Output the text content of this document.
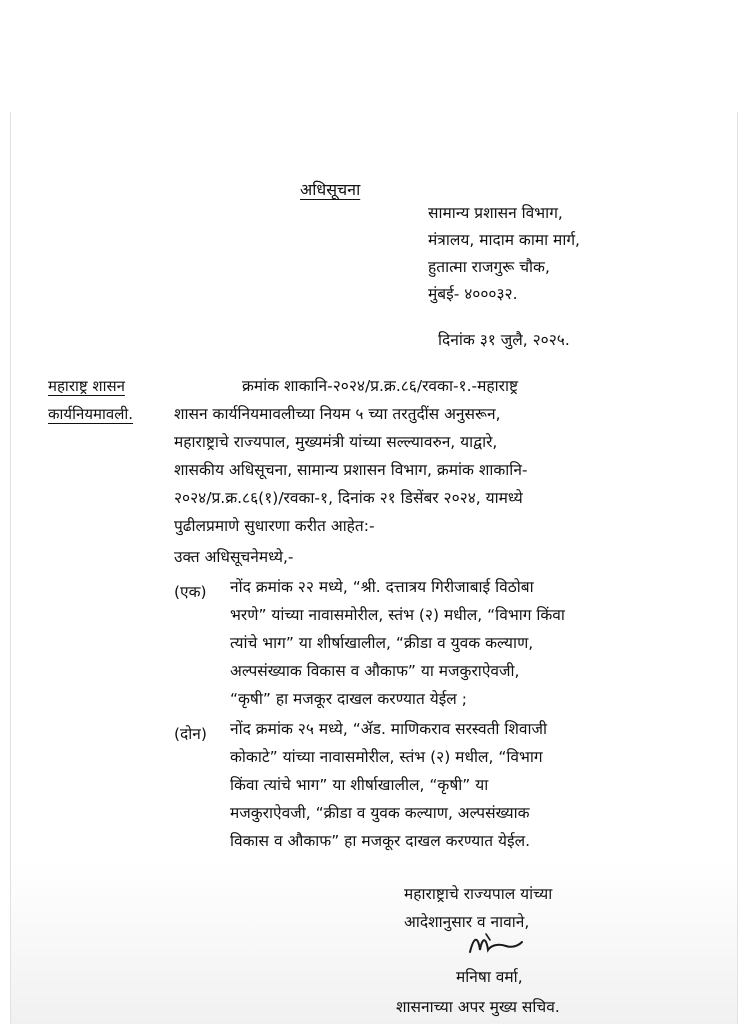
अधिसूचना
सामान्य प्रशासन विभाग,
मंत्रालय, मादाम कामा मार्ग,
हुतात्मा राजगुरू चौक,
मुंबई- ४०००३२.
दिनांक ३१ जुलै, २०२५.
महाराष्ट्र शासन
कार्यनियमावली.
क्रमांक शाकानि-२०२४/प्र.क्र.८६/रवका-१.-महाराष्ट्र
शासन कार्यनियमावलीच्या नियम ५ च्या तरतुदींस अनुसरून,
महाराष्ट्राचे राज्यपाल, मुख्यमंत्री यांच्या सल्ल्यावरुन, याद्वारे,
शासकीय अधिसूचना, सामान्य प्रशासन विभाग, क्रमांक शाकानि-
२०२४/प्र.क्र.८६(१)/रवका-१, दिनांक २१ डिसेंबर २०२४, यामध्ये
पुढीलप्रमाणे सुधारणा करीत आहेत:-
उक्त अधिसूचनेमध्ये,-
(एक) नोंद क्रमांक २२ मध्ये, “श्री. दत्तात्रय गिरीजाबाई विठोबा
भरणे” यांच्या नावासमोरील, स्तंभ (२) मधील, “विभाग किंवा
त्यांचे भाग” या शीर्षाखालील, “क्रीडा व युवक कल्याण,
अल्पसंख्याक विकास व औकाफ” या मजकुराऐवजी,
“कृषी” हा मजकूर दाखल करण्यात येईल ;
(दोन) नोंद क्रमांक २५ मध्ये, “ॲड. माणिकराव सरस्वती शिवाजी
कोकाटे” यांच्या नावासमोरील, स्तंभ (२) मधील, “विभाग
किंवा त्यांचे भाग” या शीर्षाखालील, “कृषी” या
मजकुराऐवजी, “क्रीडा व युवक कल्याण, अल्पसंख्याक
विकास व औकाफ” हा मजकूर दाखल करण्यात येईल.
महाराष्ट्राचे राज्यपाल यांच्या
आदेशानुसार व नावाने,
मनिषा वर्मा,
शासनाच्या अपर मुख्य सचिव.
